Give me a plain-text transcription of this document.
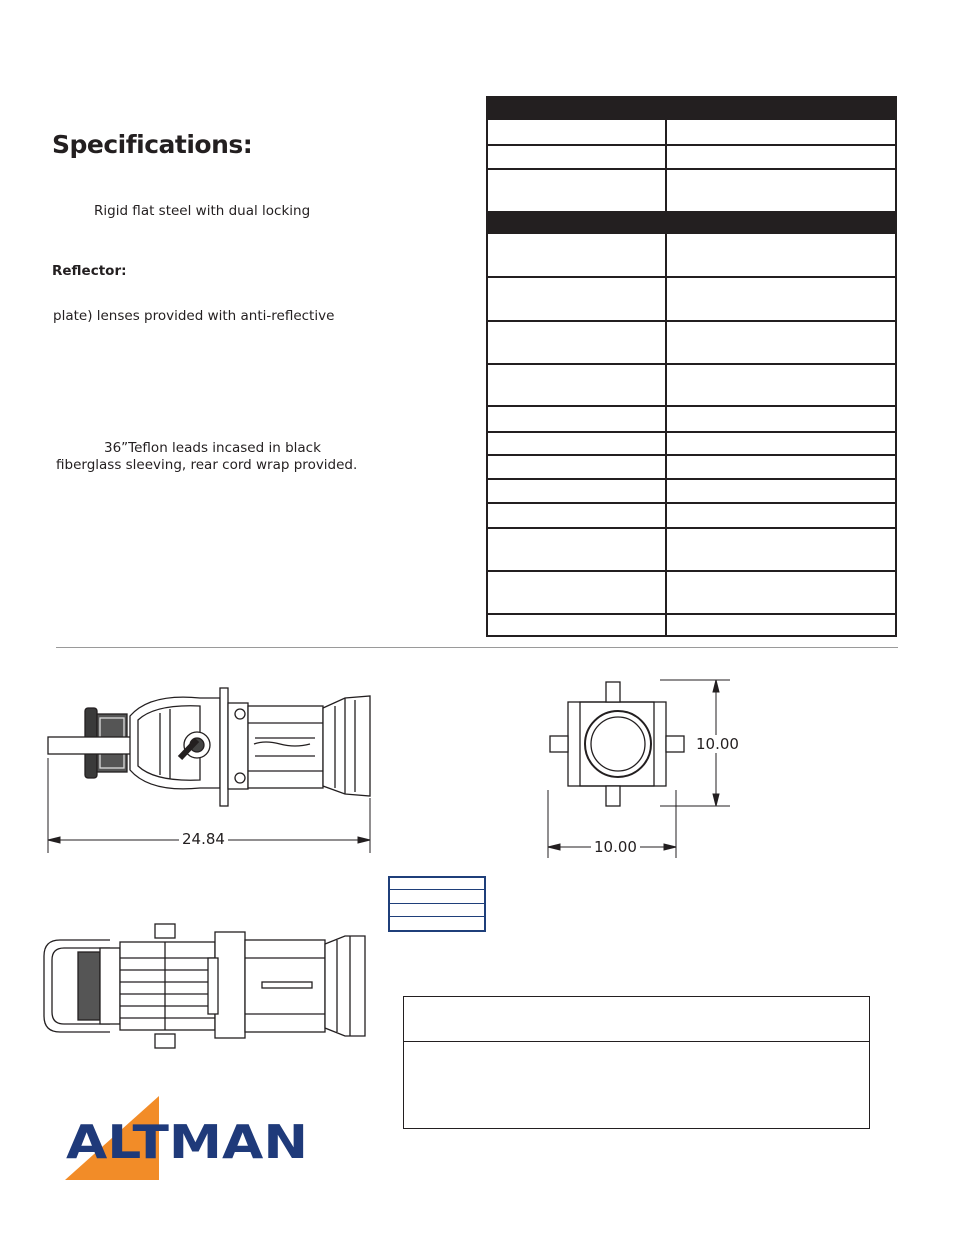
Specifications:
Rigid flat steel with dual locking
Reflector:
plate) lenses provided with anti-reflective
36”Teflon leads incased in black
fiberglass sleeving, rear cord wrap provided.
24.84
10.00
10.00
ALTMAN
